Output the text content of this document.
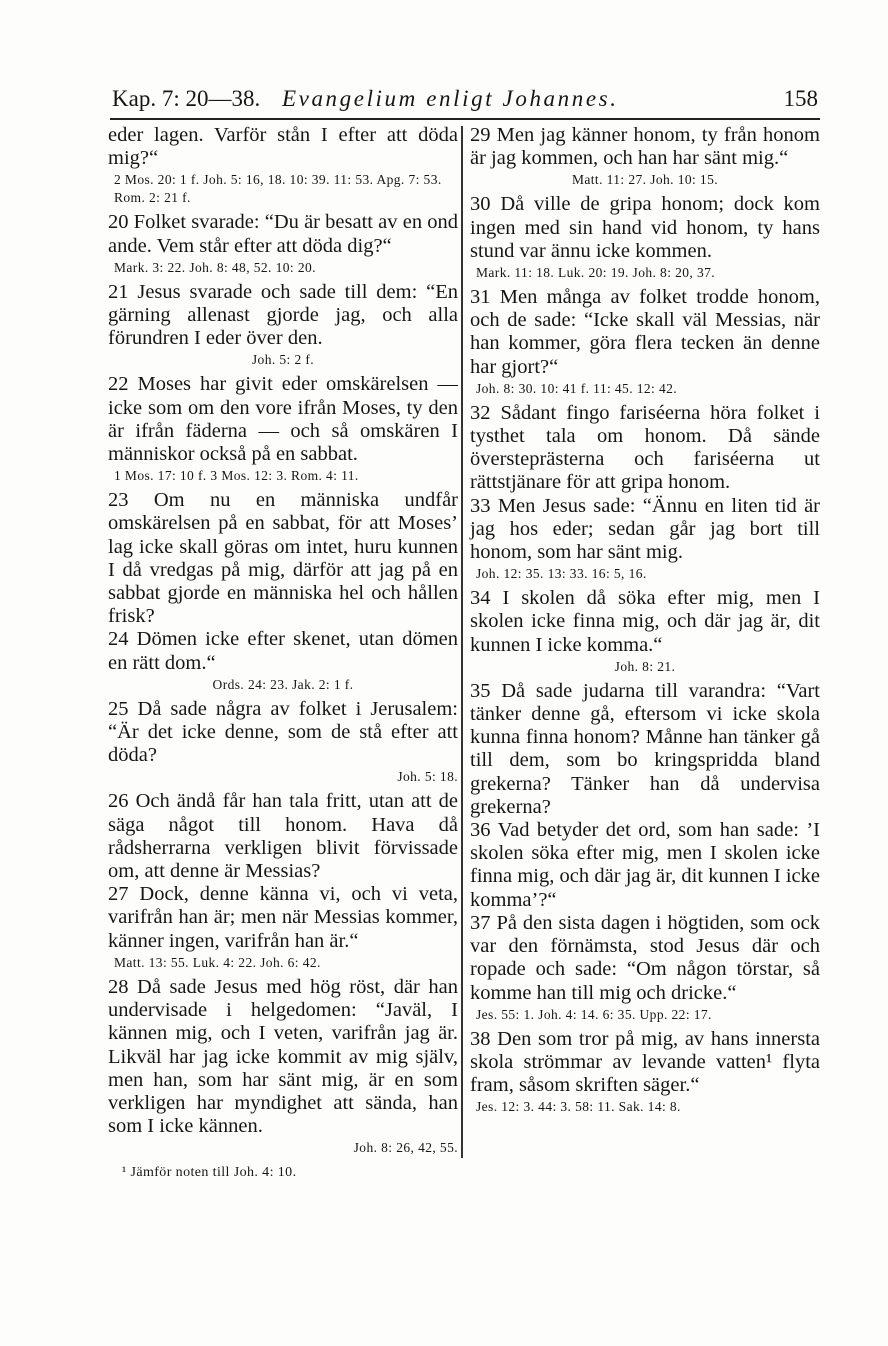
Kap. 7: 20—38. Evangelium enligt Johannes.	158
eder lagen. Varför stån I efter att döda mig?“
2 Mos. 20: 1 f. Joh. 5: 16, 18. 10: 39. 11: 53. Apg. 7: 53. Rom. 2: 21 f.
20 Folket svarade: “Du är besatt av en ond ande. Vem står efter att döda dig?“
Mark. 3: 22. Joh. 8: 48, 52. 10: 20.
21 Jesus svarade och sade till dem: “En gärning allenast gjorde jag, och alla förundren I eder över den.
Joh. 5: 2 f.
22 Moses har givit eder omskärelsen — icke som om den vore ifrån Moses, ty den är ifrån fäderna — och så omskären I människor också på en sabbat.
1 Mos. 17: 10 f. 3 Mos. 12: 3. Rom. 4: 11.
23 Om nu en människa undfår omskärelsen på en sabbat, för att Moses’ lag icke skall göras om intet, huru kunnen I då vredgas på mig, därför att jag på en sabbat gjorde en människa hel och hållen frisk?
24 Dömen icke efter skenet, utan dömen en rätt dom.“
Ords. 24: 23. Jak. 2: 1 f.
25 Då sade några av folket i Jerusalem: “Är det icke denne, som de stå efter att döda?
Joh. 5: 18.
26 Och ändå får han tala fritt, utan att de säga något till honom. Hava då rådsherrarna verkligen blivit förvissade om, att denne är Messias?
27 Dock, denne känna vi, och vi veta, varifrån han är; men när Messias kommer, känner ingen, varifrån han är.“
Matt. 13: 55. Luk. 4: 22. Joh. 6: 42.
28 Då sade Jesus med hög röst, där han undervisade i helgedomen: “Javäl, I kännen mig, och I veten, varifrån jag är. Likväl har jag icke kommit av mig själv, men han, som har sänt mig, är en som verkligen har myndighet att sända, han som I icke kännen.
Joh. 8: 26, 42, 55.
29 Men jag känner honom, ty från honom är jag kommen, och han har sänt mig.“
Matt. 11: 27. Joh. 10: 15.
30 Då ville de gripa honom; dock kom ingen med sin hand vid honom, ty hans stund var ännu icke kommen.
Mark. 11: 18. Luk. 20: 19. Joh. 8: 20, 37.
31 Men många av folket trodde honom, och de sade: “Icke skall väl Messias, när han kommer, göra flera tecken än denne har gjort?“
Joh. 8: 30. 10: 41 f. 11: 45. 12: 42.
32 Sådant fingo fariséerna höra folket i tysthet tala om honom. Då sände översteprästerna och fariséerna ut rättstjänare för att gripa honom.
33 Men Jesus sade: “Ännu en liten tid är jag hos eder; sedan går jag bort till honom, som har sänt mig.
Joh. 12: 35. 13: 33. 16: 5, 16.
34 I skolen då söka efter mig, men I skolen icke finna mig, och där jag är, dit kunnen I icke komma.“
Joh. 8: 21.
35 Då sade judarna till varandra: “Vart tänker denne gå, eftersom vi icke skola kunna finna honom? Månne han tänker gå till dem, som bo kringspridda bland grekerna? Tänker han då undervisa grekerna?
36 Vad betyder det ord, som han sade: ’I skolen söka efter mig, men I skolen icke finna mig, och där jag är, dit kunnen I icke komma’?“
37 På den sista dagen i högtiden, som ock var den förnämsta, stod Jesus där och ropade och sade: “Om någon törstar, så komme han till mig och dricke.“
Jes. 55: 1. Joh. 4: 14. 6: 35. Upp. 22: 17.
38 Den som tror på mig, av hans innersta skola strömmar av levande vatten¹ flyta fram, såsom skriften säger.“
Jes. 12: 3. 44: 3. 58: 11. Sak. 14: 8.
¹ Jämför noten till Joh. 4: 10.
